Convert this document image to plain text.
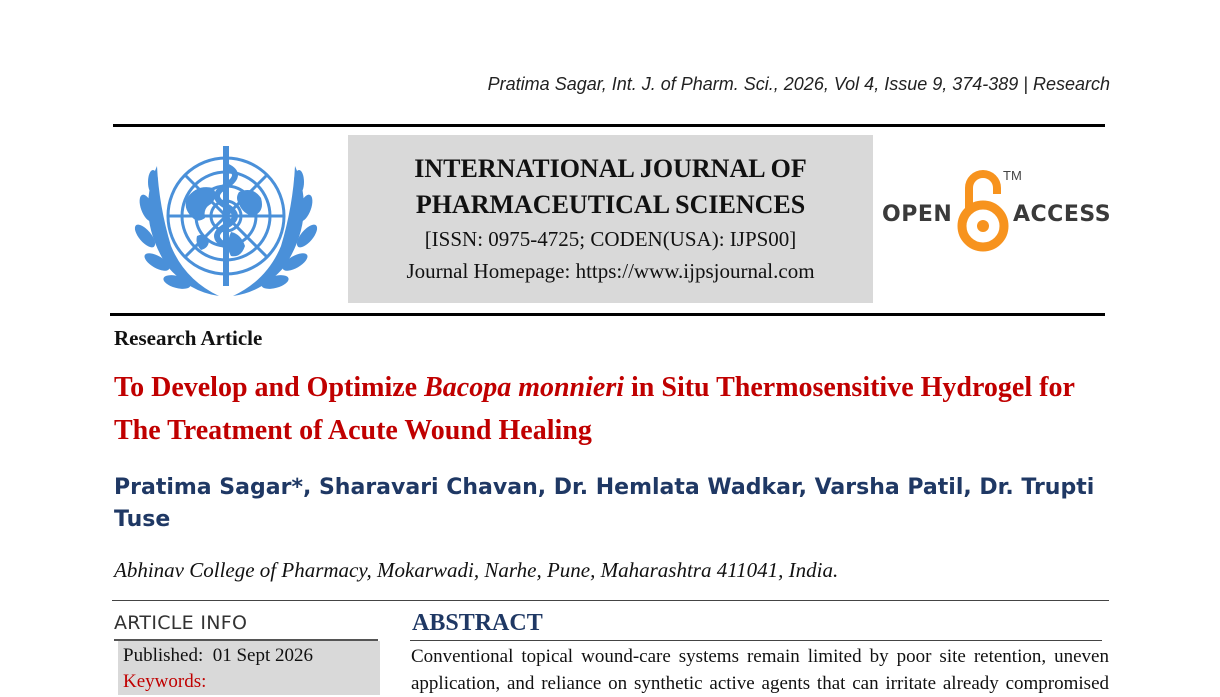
Pratima Sagar, Int. J. of Pharm. Sci., 2026, Vol 4, Issue 9, 374-389 | Research
INTERNATIONAL JOURNAL OF
PHARMACEUTICAL SCIENCES
[ISSN: 0975-4725; CODEN(USA): IJPS00]
Journal Homepage: https://www.ijpsjournal.com
OPEN
TM
ACCESS
Research Article
To Develop and Optimize Bacopa monnieri in Situ Thermosensitive Hydrogel for The Treatment of Acute Wound Healing
Pratima Sagar*, Sharavari Chavan, Dr. Hemlata Wadkar, Varsha Patil, Dr. Trupti Tuse
Abhinav College of Pharmacy, Mokarwadi, Narhe, Pune, Maharashtra 411041, India.
ARTICLE INFO
Published:  01 Sept 2026
Keywords:
ABSTRACT
Conventional topical wound-care systems remain limited by poor site retention, uneven
application, and reliance on synthetic active agents that can irritate already compromised
